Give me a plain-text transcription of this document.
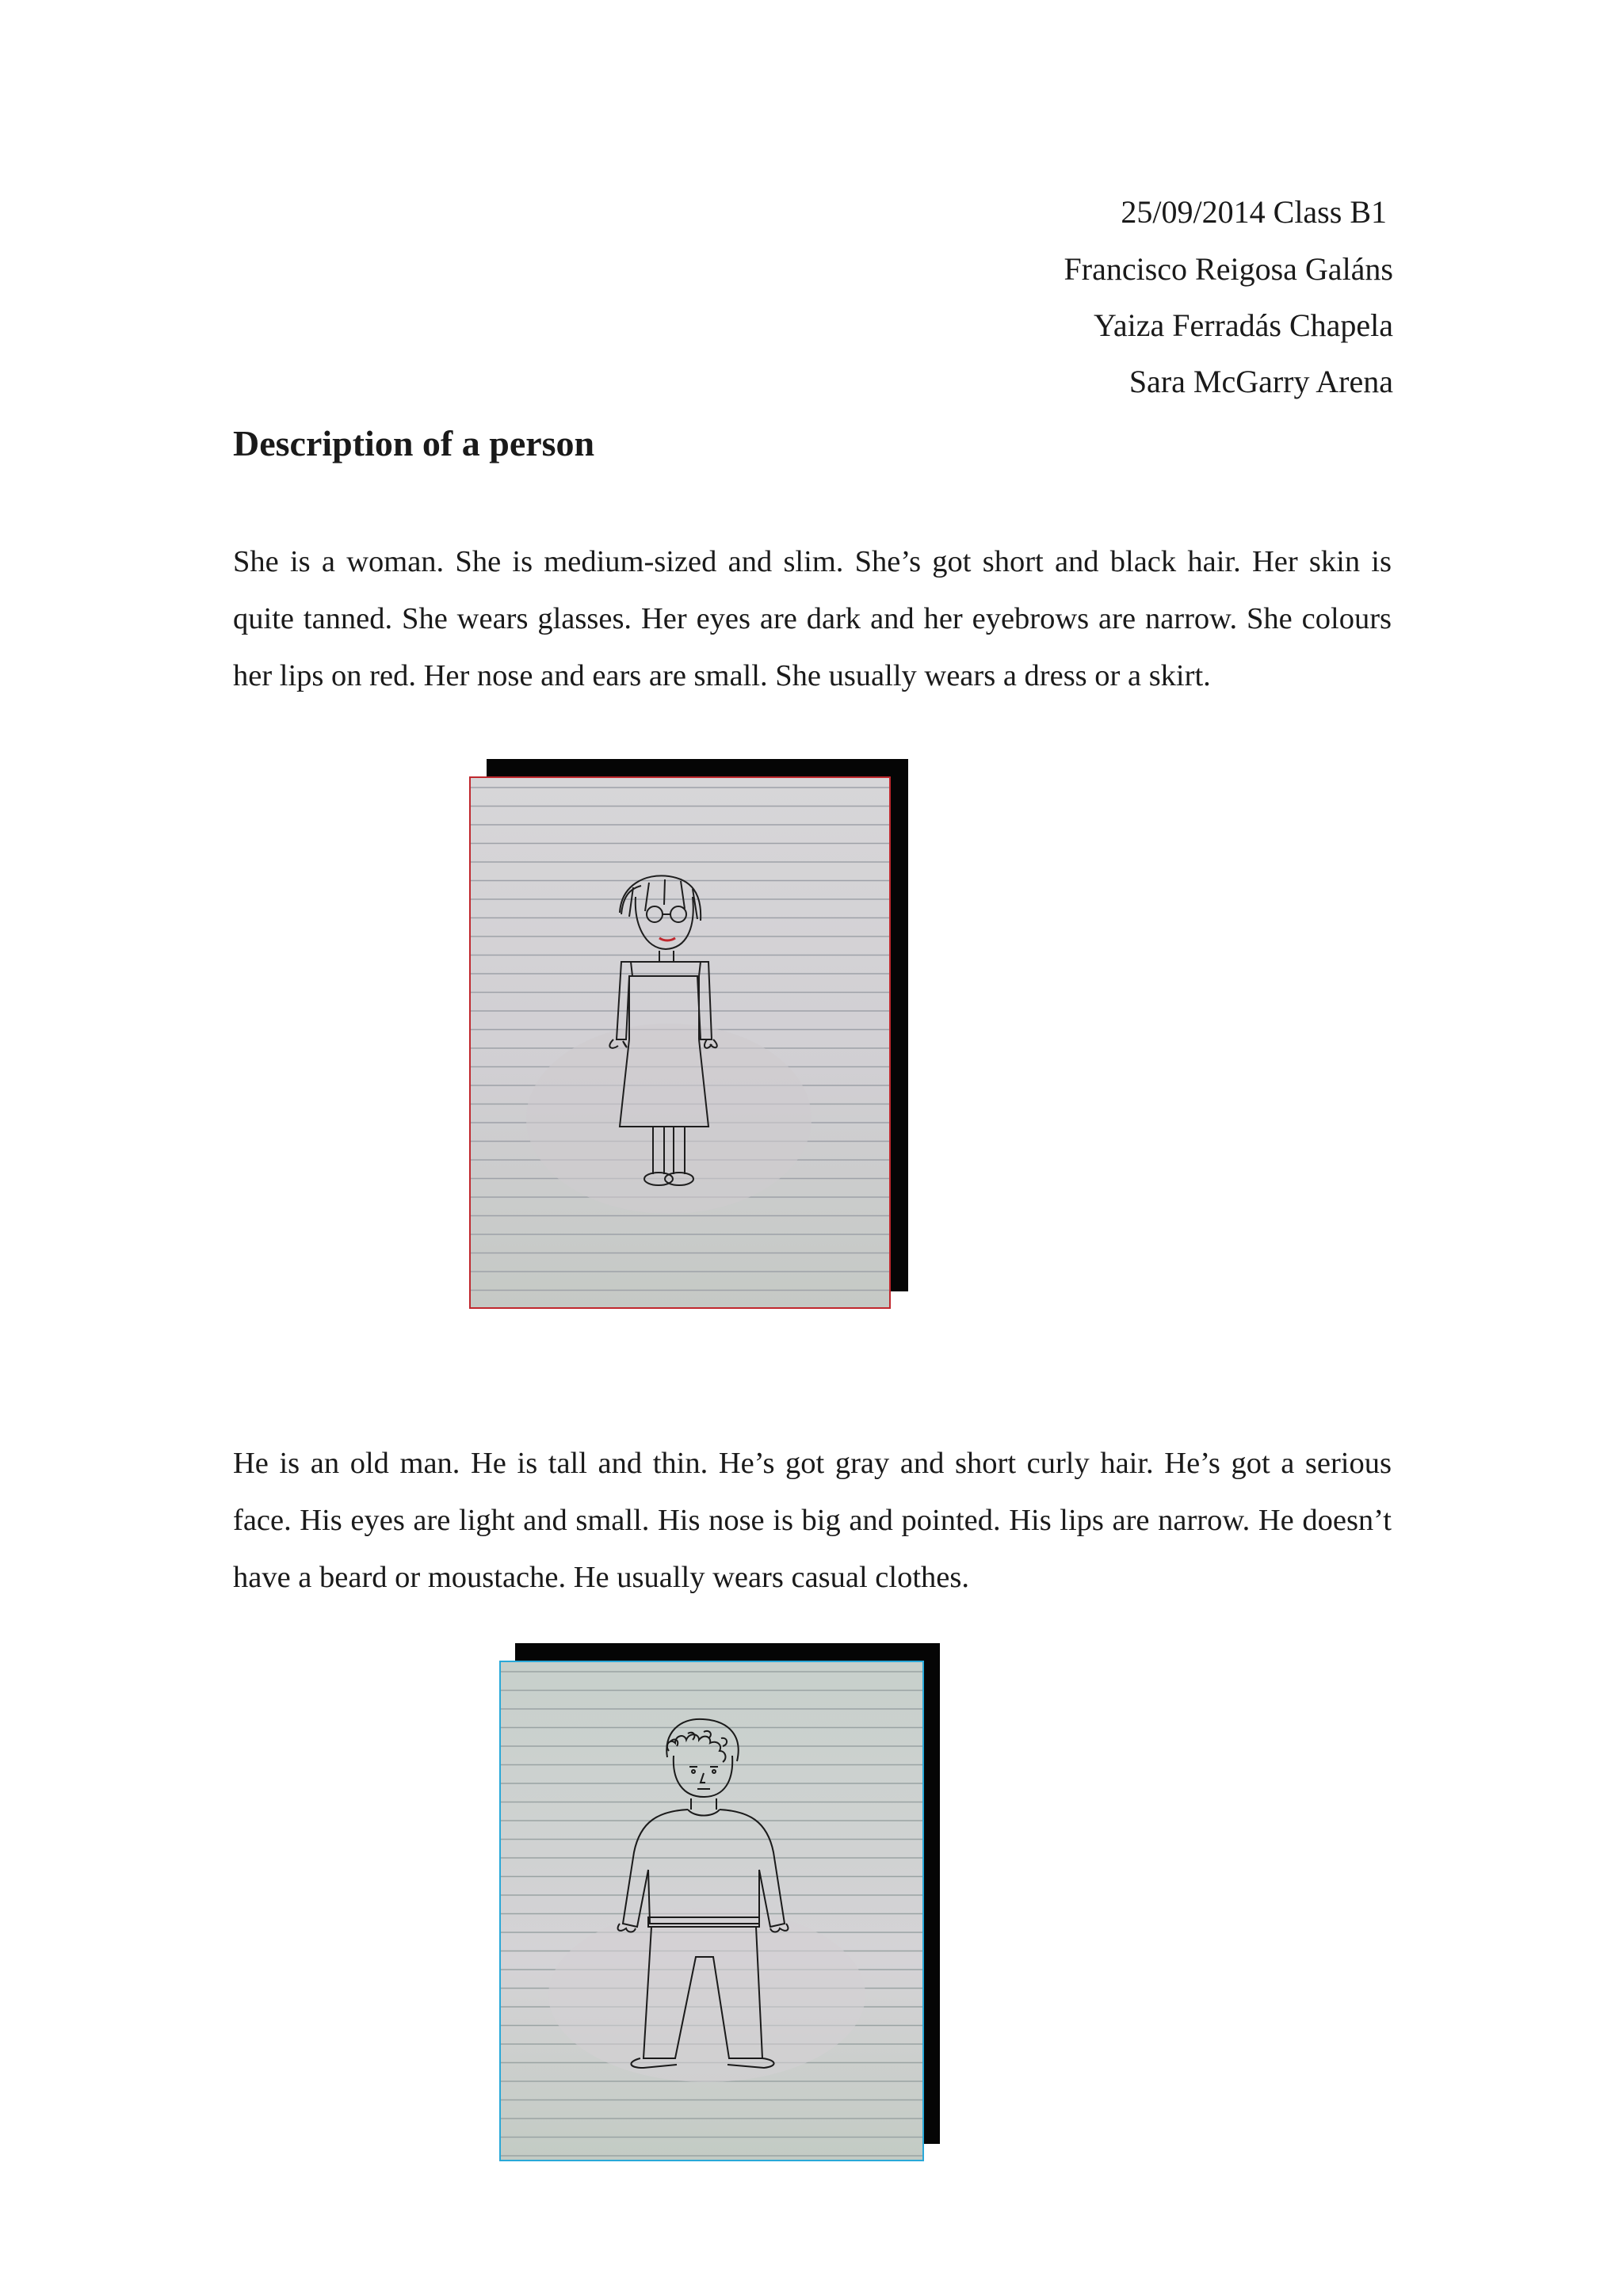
25/09/2014 Class B1
Francisco Reigosa Galáns
Yaiza Ferradás Chapela
Sara McGarry Arena
Description of a person

She is a woman. She is medium-sized and slim. She’s got short and black hair. Her skin is quite tanned. She wears glasses. Her eyes are dark and her eyebrows are narrow. She colours her lips on red. Her nose and ears are small. She usually wears a dress or a skirt.

He is an old man. He is tall and thin. He’s got gray and short curly hair. He’s got a serious face. His eyes are light and small. His nose is big and pointed. His lips are narrow. He doesn’t have a beard or moustache. He usually wears casual clothes.
